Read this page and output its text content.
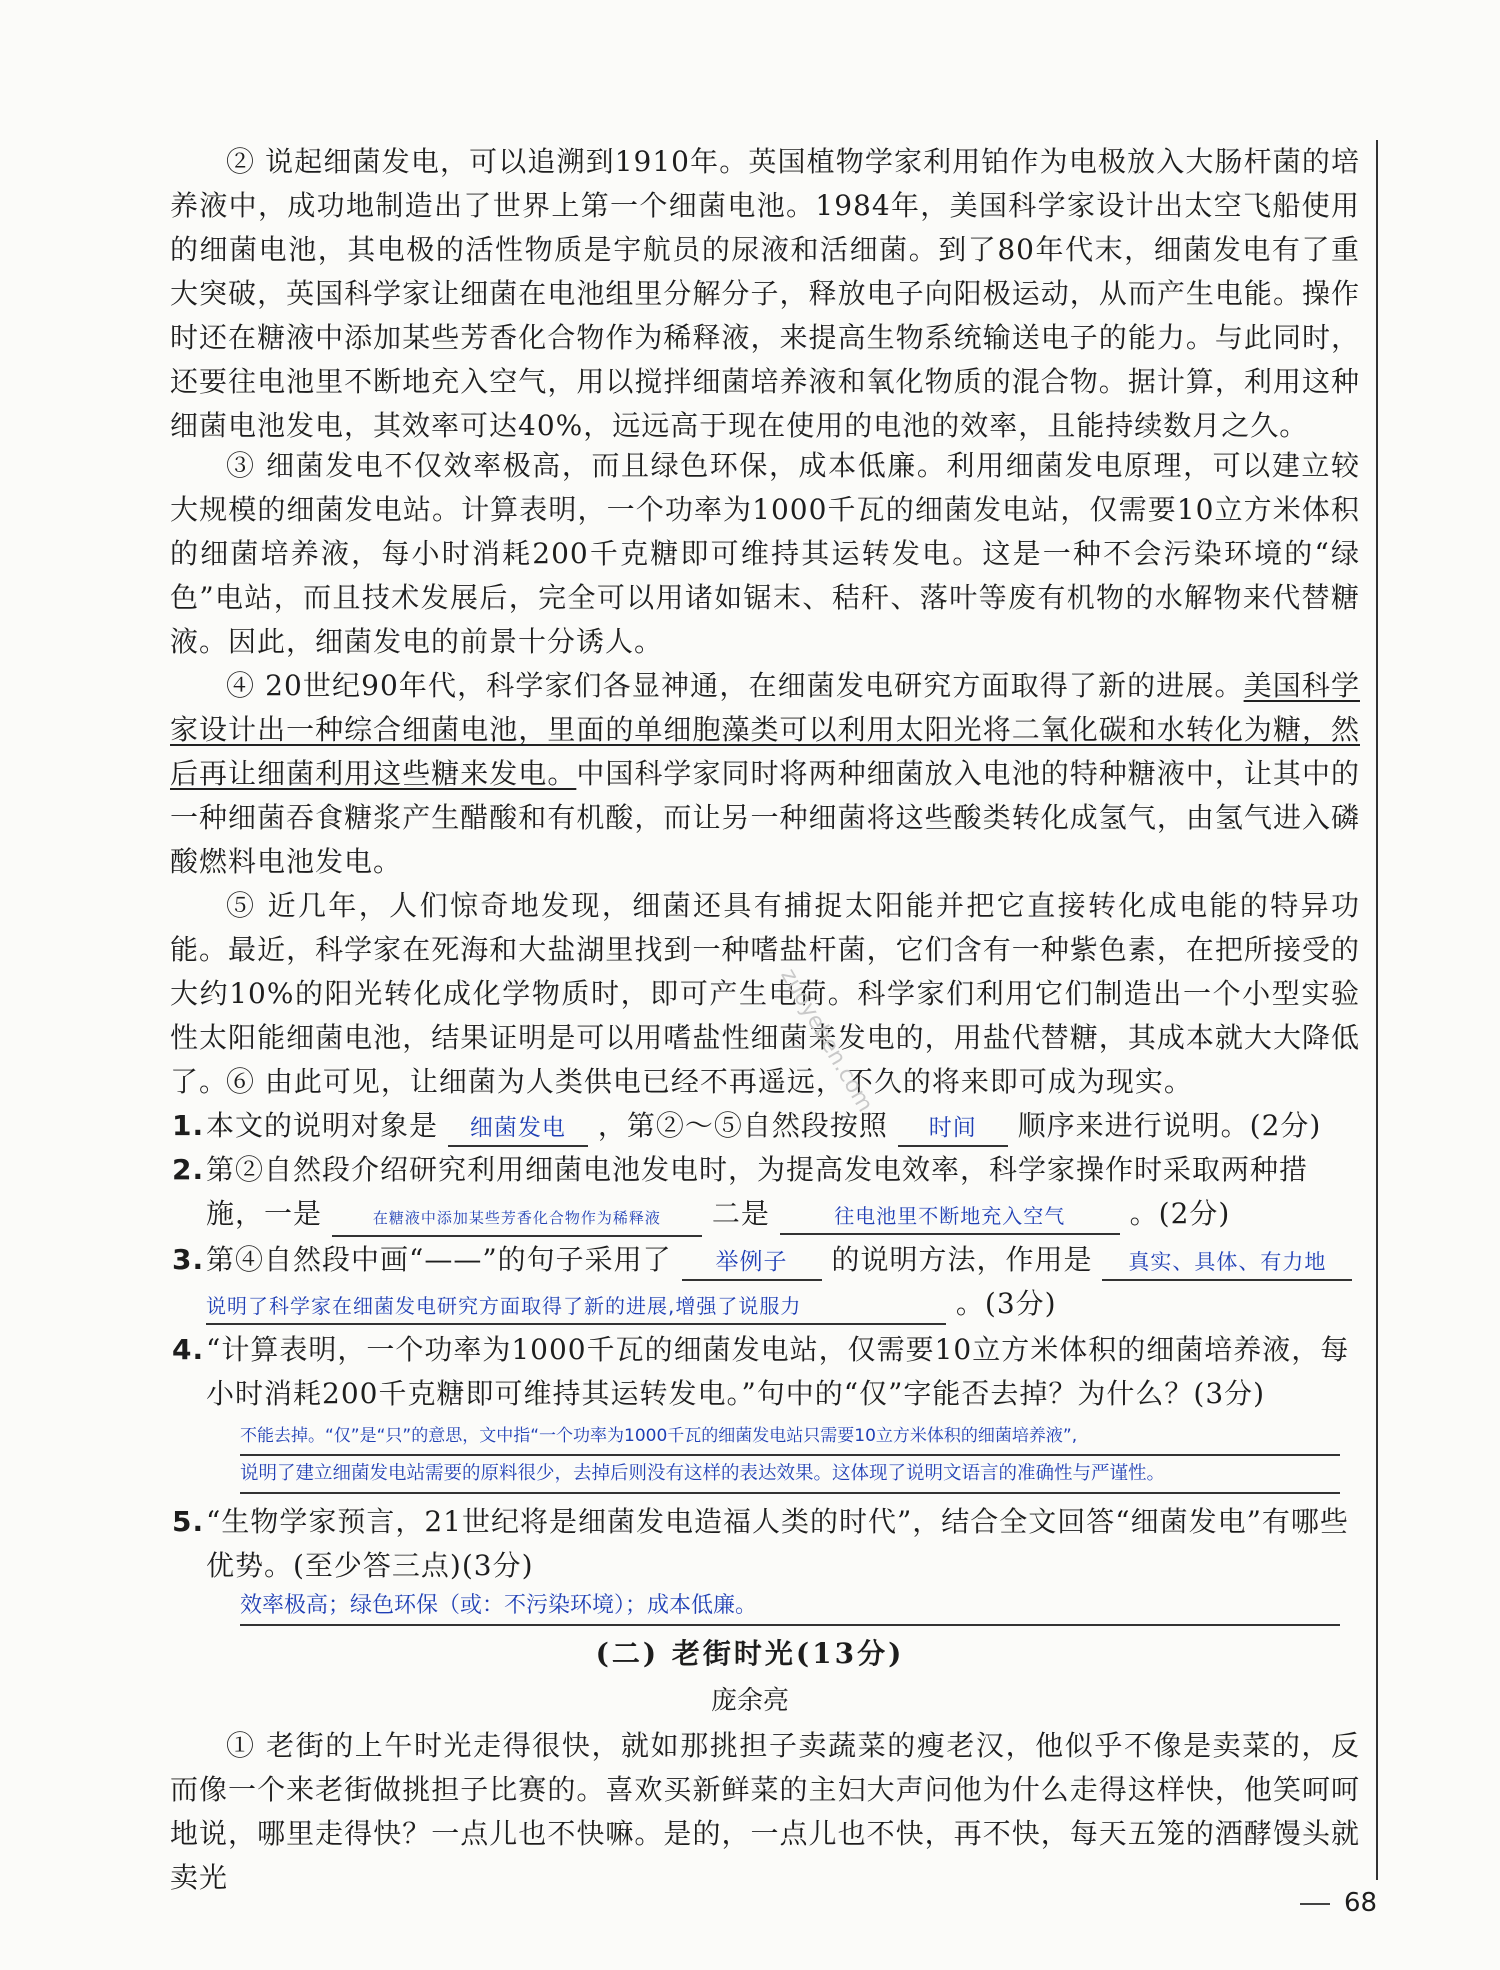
② 说起细菌发电，可以追溯到1910年。英国植物学家利用铂作为电极放入大肠杆菌的培养液中，成功地制造出了世界上第一个细菌电池。1984年，美国科学家设计出太空飞船使用的细菌电池，其电极的活性物质是宇航员的尿液和活细菌。到了80年代末，细菌发电有了重大突破，英国科学家让细菌在电池组里分解分子，释放电子向阳极运动，从而产生电能。操作时还在糖液中添加某些芳香化合物作为稀释液，来提高生物系统输送电子的能力。与此同时，还要往电池里不断地充入空气，用以搅拌细菌培养液和氧化物质的混合物。据计算，利用这种细菌电池发电，其效率可达40%，远远高于现在使用的电池的效率，且能持续数月之久。

③ 细菌发电不仅效率极高，而且绿色环保，成本低廉。利用细菌发电原理，可以建立较大规模的细菌发电站。计算表明，一个功率为1000千瓦的细菌发电站，仅需要10立方米体积的细菌培养液，每小时消耗200千克糖即可维持其运转发电。这是一种不会污染环境的“绿色”电站，而且技术发展后，完全可以用诸如锯末、秸秆、落叶等废有机物的水解物来代替糖液。因此，细菌发电的前景十分诱人。

④ 20世纪90年代，科学家们各显神通，在细菌发电研究方面取得了新的进展。美国科学家设计出一种综合细菌电池，里面的单细胞藻类可以利用太阳光将二氧化碳和水转化为糖，然后再让细菌利用这些糖来发电。中国科学家同时将两种细菌放入电池的特种糖液中，让其中的一种细菌吞食糖浆产生醋酸和有机酸，而让另一种细菌将这些酸类转化成氢气，由氢气进入磷酸燃料电池发电。

⑤ 近几年，人们惊奇地发现，细菌还具有捕捉太阳能并把它直接转化成电能的特异功能。最近，科学家在死海和大盐湖里找到一种嗜盐杆菌，它们含有一种紫色素，在把所接受的大约10%的阳光转化成化学物质时，即可产生电荷。科学家们利用它们制造出一个小型实验性太阳能细菌电池，结果证明是可以用嗜盐性细菌来发电的，用盐代替糖，其成本就大大降低了。

⑥ 由此可见，让细菌为人类供电已经不再遥远，不久的将来即可成为现实。

1. 本文的说明对象是 细菌发电 ，第②～⑤自然段按照 时间 顺序来进行说明。(2分)
2. 第②自然段介绍研究利用细菌电池发电时，为提高发电效率，科学家操作时采取两种措施，一是	在糖液中添加某些芳香化合物作为稀释液 二是	往电池里不断地充入空气 。(2分)
3. 第④自然段中画“——”的句子采用了 举例子 的说明方法，作用是 真实、具体、有力地
说明了科学家在细菌发电研究方面取得了新的进展,增强了说服力	。(3分)
4. “计算表明，一个功率为1000千瓦的细菌发电站，仅需要10立方米体积的细菌培养液，每小时消耗200千克糖即可维持其运转发电。”句中的“仅”字能否去掉？为什么？(3分)
不能去掉。“仅”是“只”的意思，文中指“一个功率为1000千瓦的细菌发电站只需要10立方米体积的细菌培养液”,
说明了建立细菌发电站需要的原料很少，去掉后则没有这样的表达效果。这体现了说明文语言的准确性与严谨性。
5. “生物学家预言，21世纪将是细菌发电造福人类的时代”，结合全文回答“细菌发电”有哪些优势。(至少答三点)(3分)
效率极高；绿色环保（或：不污染环境）；成本低廉。

(二) 老街时光(13分)

庞余亮

① 老街的上午时光走得很快，就如那挑担子卖蔬菜的瘦老汉，他似乎不像是卖菜的，反而像一个来老街做挑担子比赛的。喜欢买新鲜菜的主妇大声问他为什么走得这样快，他笑呵呵地说，哪里走得快？一点儿也不快嘛。是的，一点儿也不快，再不快，每天五笼的酒酵馒头就卖光

zuoyeben.com
68
